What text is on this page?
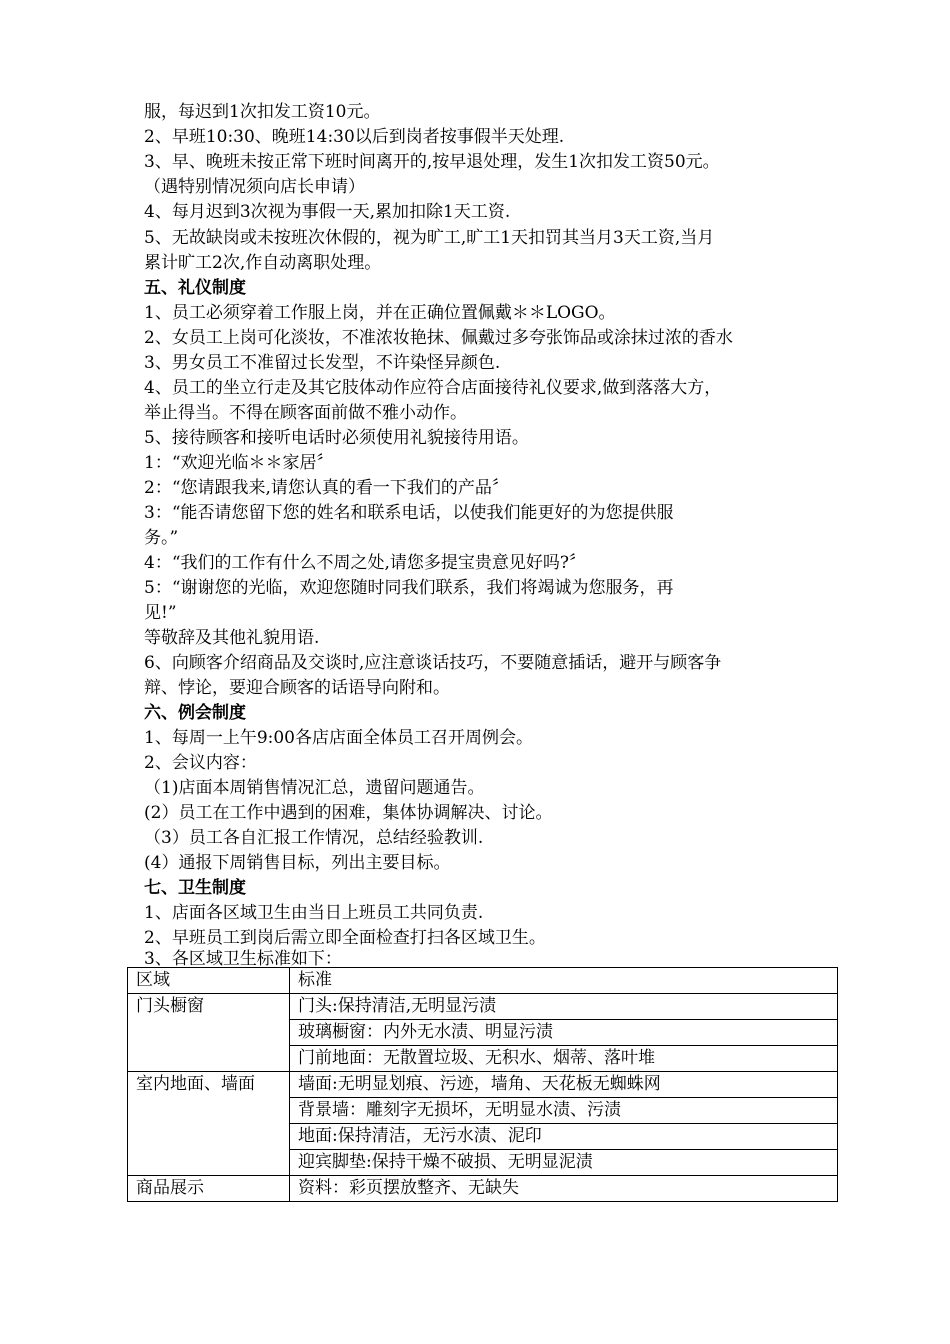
服，每迟到1次扣发工资10元。
2、早班10:30、晚班14:30以后到岗者按事假半天处理.
3、早、晚班未按正常下班时间离开的,按早退处理，发生1次扣发工资50元。
（遇特别情况须向店长申请）
4、每月迟到3次视为事假一天,累加扣除1天工资.
5、无故缺岗或未按班次休假的，视为旷工,旷工1天扣罚其当月3天工资,当月
累计旷工2次,作自动离职处理。
五、礼仪制度
1、员工必须穿着工作服上岗，并在正确位置佩戴＊＊LOGO。
2、女员工上岗可化淡妆，不准浓妆艳抹、佩戴过多夸张饰品或涂抹过浓的香水
3、男女员工不准留过长发型，不许染怪异颜色.
4、员工的坐立行走及其它肢体动作应符合店面接待礼仪要求,做到落落大方，
举止得当。不得在顾客面前做不雅小动作。
5、接待顾客和接听电话时必须使用礼貌接待用语。
1：“欢迎光临＊＊家居〞
2：“您请跟我来,请您认真的看一下我们的产品〞
3：“能否请您留下您的姓名和联系电话，以使我们能更好的为您提供服
务。”
4：“我们的工作有什么不周之处,请您多提宝贵意见好吗?〞
5：“谢谢您的光临，欢迎您随时同我们联系，我们将竭诚为您服务，再
见!”
等敬辞及其他礼貌用语.
6、向顾客介绍商品及交谈时,应注意谈话技巧，不要随意插话，避开与顾客争
辩、悖论，要迎合顾客的话语导向附和。
六、例会制度
1、每周一上午9:00各店店面全体员工召开周例会。
2、会议内容：
（1)店面本周销售情况汇总，遗留问题通告。
(2）员工在工作中遇到的困难，集体协调解决、讨论。
（3）员工各自汇报工作情况，总结经验教训.
(4）通报下周销售目标，列出主要目标。
七、卫生制度
1、店面各区域卫生由当日上班员工共同负责.
2、早班员工到岗后需立即全面检查打扫各区域卫生。
3、各区域卫生标准如下：
区域	标准
门头橱窗	门头:保持清洁,无明显污渍
	玻璃橱窗：内外无水渍、明显污渍
	门前地面：无散置垃圾、无积水、烟蒂、落叶堆
室内地面、墙面	墙面:无明显划痕、污迹，墙角、天花板无蜘蛛网
	背景墙：雕刻字无损坏，无明显水渍、污渍
	地面:保持清洁，无污水渍、泥印
	迎宾脚垫:保持干燥不破损、无明显泥渍
商品展示	资料：彩页摆放整齐、无缺失
